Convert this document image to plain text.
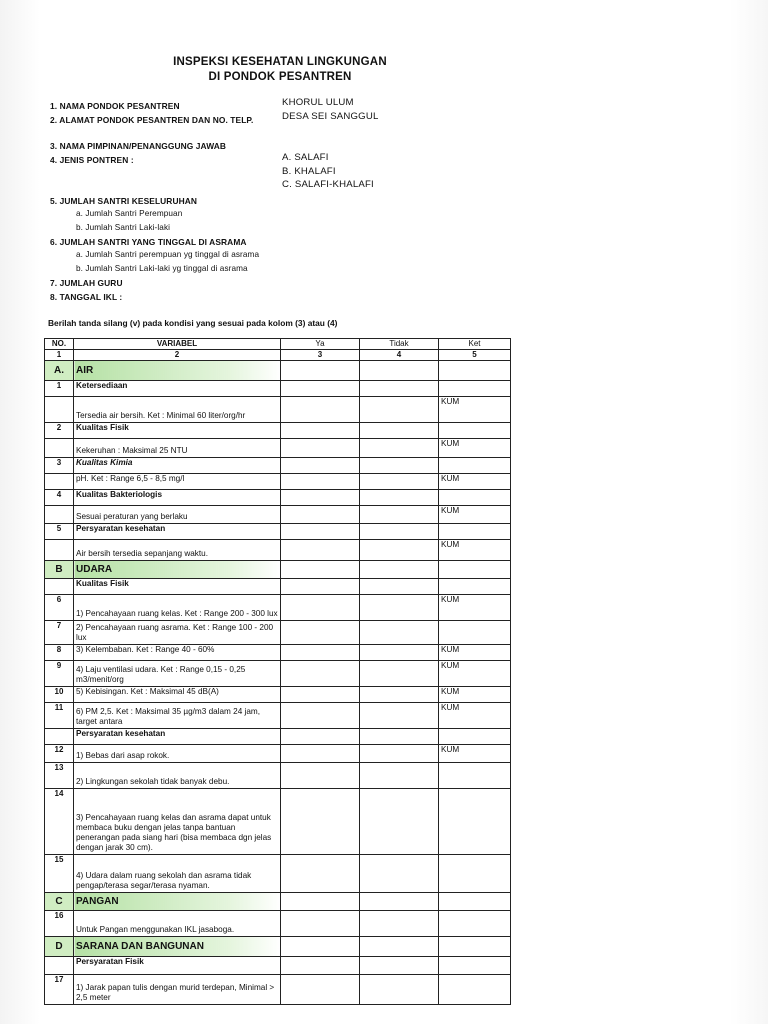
INSPEKSI KESEHATAN LINGKUNGAN
DI PONDOK PESANTREN
1. NAMA PONDOK PESANTREN	KHORUL ULUM
2. ALAMAT PONDOK PESANTREN DAN NO. TELP.	DESA SEI SANGGUL
3. NAMA PIMPINAN/PENANGGUNG JAWAB
4. JENIS PONTREN :	A. SALAFI
B. KHALAFI
C. SALAFI-KHALAFI
5. JUMLAH SANTRI KESELURUHAN
a. Jumlah Santri Perempuan
b. Jumlah Santri Laki-laki
6. JUMLAH SANTRI YANG TINGGAL DI ASRAMA
a. Jumlah Santri perempuan yg tinggal di asrama
b. Jumlah Santri Laki-laki yg tinggal di asrama
7. JUMLAH GURU
8. TANGGAL IKL :
Berilah tanda silang (v) pada kondisi yang sesuai pada kolom (3) atau (4)
NO.	VARIABEL	Ya	Tidak	Ket
1	2	3	4	5
A.	AIR			
1	Ketersediaan			
	Tersedia air bersih. Ket : Minimal 60 liter/org/hr			KUM
2	Kualitas Fisik			
	Kekeruhan : Maksimal 25 NTU			KUM
3	Kualitas Kimia			
	pH. Ket : Range 6,5 - 8,5 mg/l			KUM
4	Kualitas Bakteriologis			
	Sesuai peraturan yang berlaku			KUM
5	Persyaratan kesehatan			
	Air bersih tersedia sepanjang waktu.			KUM
B	UDARA			
	Kualitas Fisik			
6	1) Pencahayaan ruang kelas. Ket : Range 200 - 300 lux			KUM
7	2) Pencahayaan ruang asrama. Ket : Range 100 - 200 lux			
8	3) Kelembaban. Ket : Range 40 - 60%			KUM
9	4) Laju ventilasi udara. Ket : Range 0,15 - 0,25 m3/menit/org			KUM
10	5) Kebisingan. Ket : Maksimal 45 dB(A)			KUM
11	6) PM 2,5. Ket : Maksimal 35 µg/m3 dalam 24 jam, target antara			KUM
	Persyaratan kesehatan			
12	1) Bebas dari asap rokok.			KUM
13	2) Lingkungan sekolah tidak banyak debu.			
14	3) Pencahayaan ruang kelas dan asrama dapat untuk membaca buku dengan jelas tanpa bantuan penerangan pada siang hari (bisa membaca dgn jelas dengan jarak 30 cm).			
15	4) Udara dalam ruang sekolah dan asrama tidak pengap/terasa segar/terasa nyaman.			
C	PANGAN			
16	Untuk Pangan menggunakan IKL jasaboga.			
D	SARANA DAN BANGUNAN			
	Persyaratan Fisik			
17	1) Jarak papan tulis dengan murid terdepan, Minimal > 2,5 meter			
